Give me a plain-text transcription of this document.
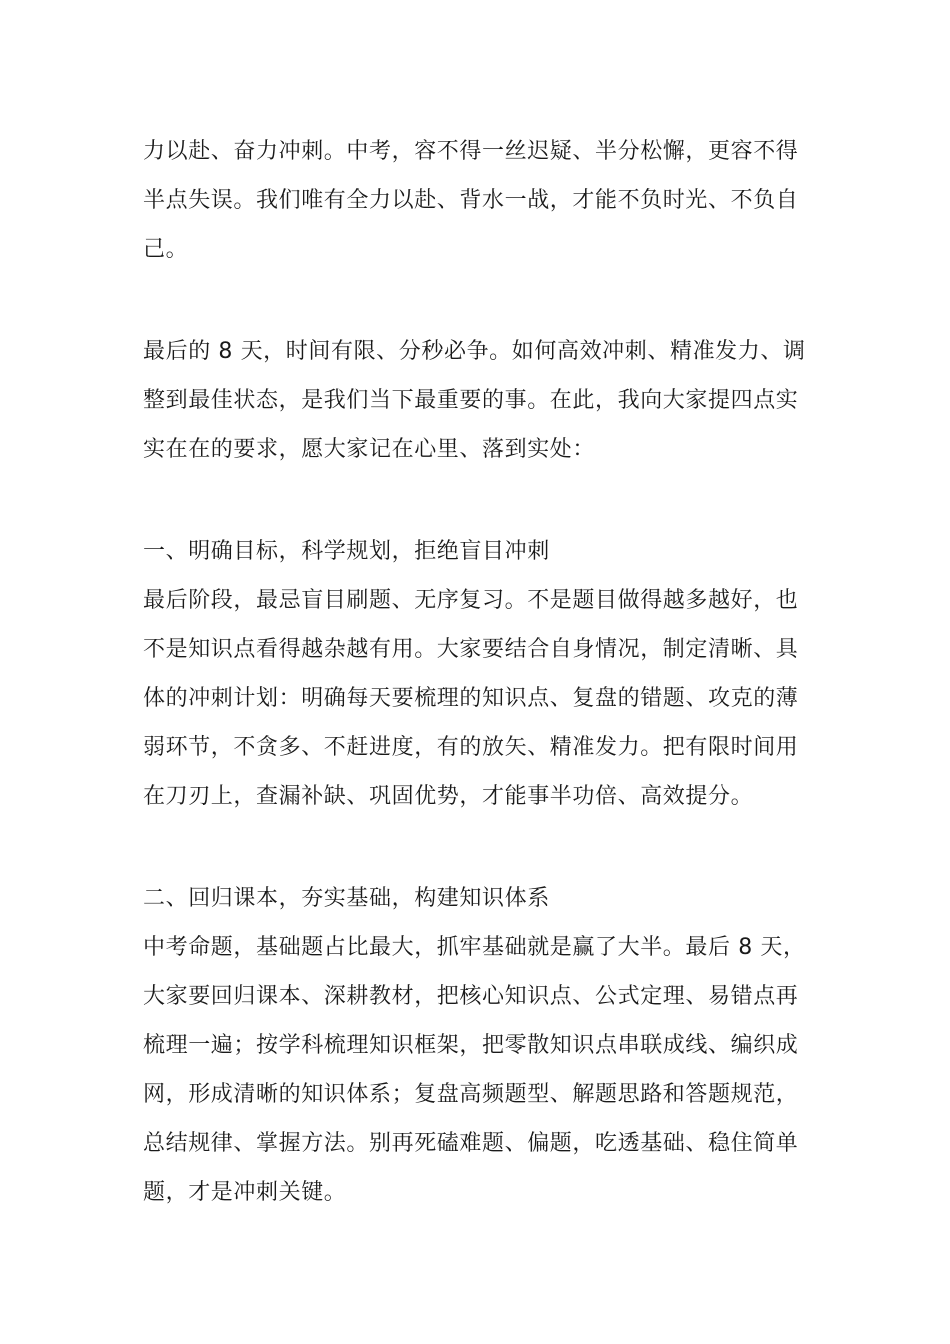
力以赴、奋力冲刺。中考，容不得一丝迟疑、半分松懈，更容不得

半点失误。我们唯有全力以赴、背水一战，才能不负时光、不负自

己。

最后的 8 天，时间有限、分秒必争。如何高效冲刺、精准发力、调

整到最佳状态，是我们当下最重要的事。在此，我向大家提四点实

实在在的要求，愿大家记在心里、落到实处：

一、明确目标，科学规划，拒绝盲目冲刺

最后阶段，最忌盲目刷题、无序复习。不是题目做得越多越好，也

不是知识点看得越杂越有用。大家要结合自身情况，制定清晰、具

体的冲刺计划：明确每天要梳理的知识点、复盘的错题、攻克的薄

弱环节，不贪多、不赶进度，有的放矢、精准发力。把有限时间用

在刀刃上，查漏补缺、巩固优势，才能事半功倍、高效提分。

二、回归课本，夯实基础，构建知识体系

中考命题，基础题占比最大，抓牢基础就是赢了大半。最后 8 天，

大家要回归课本、深耕教材，把核心知识点、公式定理、易错点再

梳理一遍；按学科梳理知识框架，把零散知识点串联成线、编织成

网，形成清晰的知识体系；复盘高频题型、解题思路和答题规范，

总结规律、掌握方法。别再死磕难题、偏题，吃透基础、稳住简单

题，才是冲刺关键。
